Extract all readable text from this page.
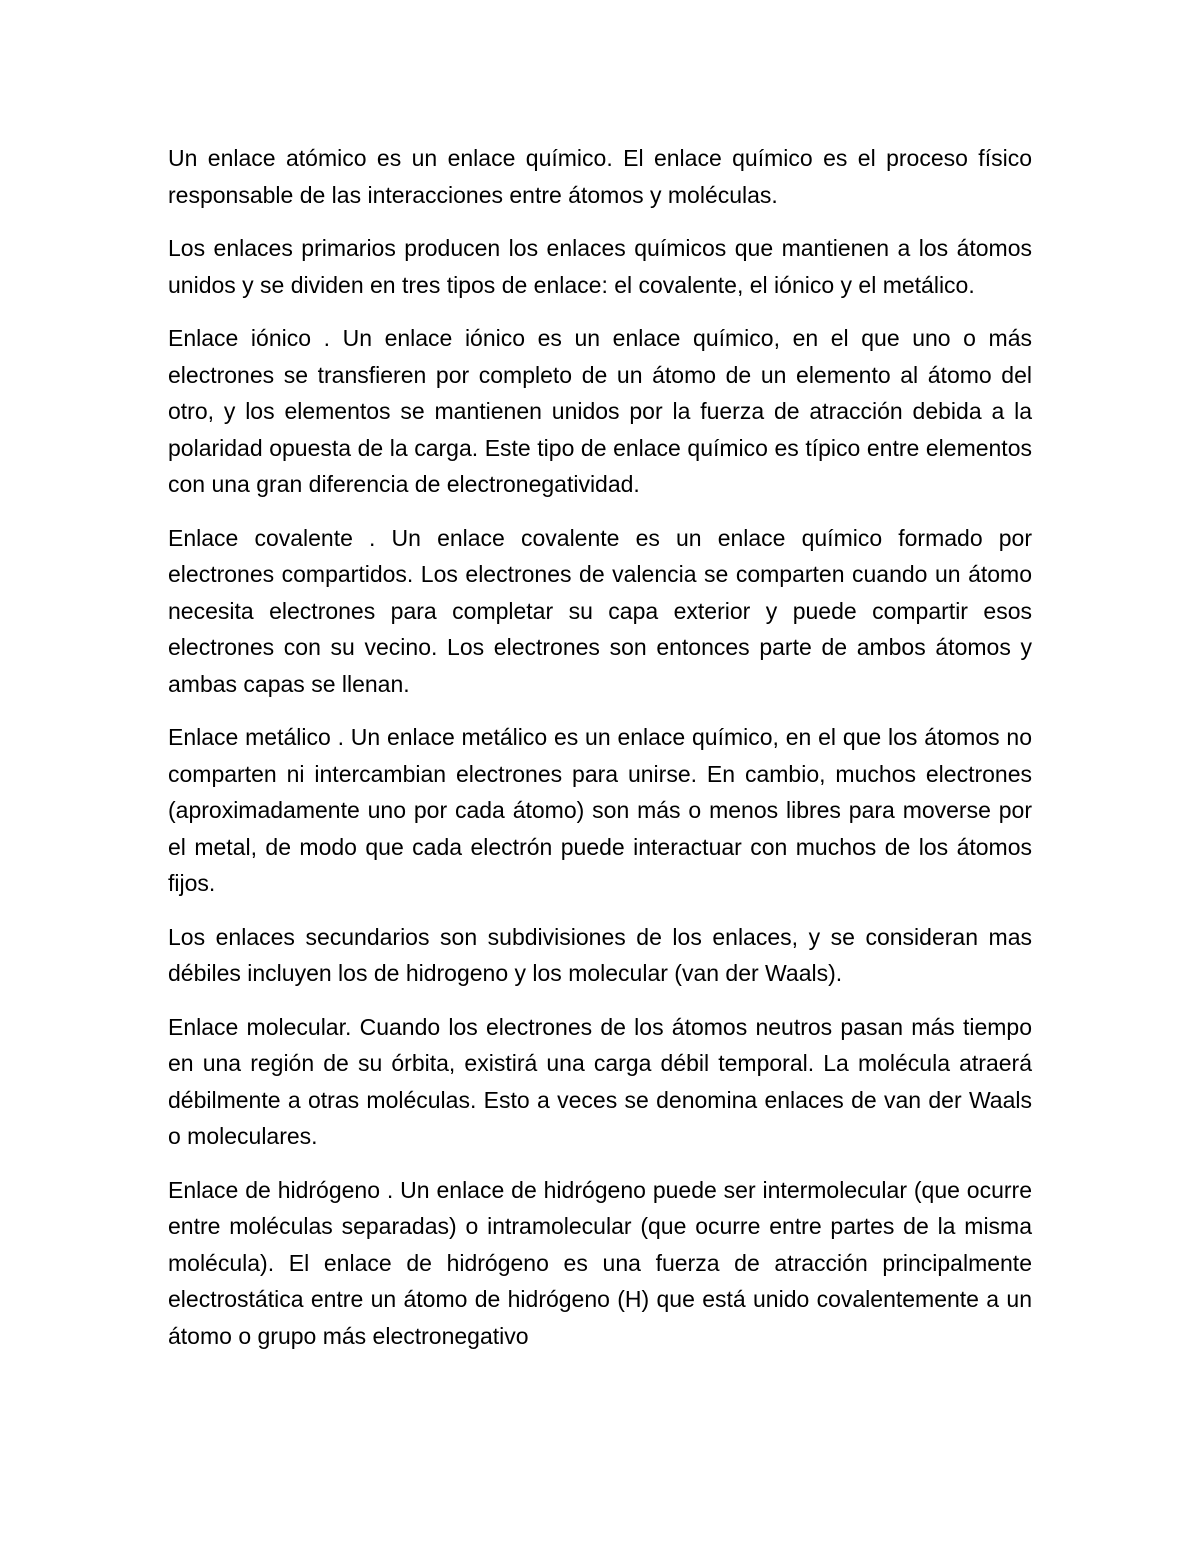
Un enlace atómico es un enlace químico. El enlace químico es el proceso físico responsable de las interacciones entre átomos y moléculas.

Los enlaces primarios producen los enlaces químicos que mantienen a los átomos unidos y se dividen en tres tipos de enlace: el covalente, el iónico y el metálico.

Enlace iónico . Un enlace iónico es un enlace químico, en el que uno o más electrones se transfieren por completo de un átomo de un elemento al átomo del otro, y los elementos se mantienen unidos por la fuerza de atracción debida a la polaridad opuesta de la carga. Este tipo de enlace químico es típico entre elementos con una gran diferencia de electronegatividad.

Enlace covalente . Un enlace covalente es un enlace químico formado por electrones compartidos. Los electrones de valencia se comparten cuando un átomo necesita electrones para completar su capa exterior y puede compartir esos electrones con su vecino. Los electrones son entonces parte de ambos átomos y ambas capas se llenan.

Enlace metálico . Un enlace metálico es un enlace químico, en el que los átomos no comparten ni intercambian electrones para unirse. En cambio, muchos electrones (aproximadamente uno por cada átomo) son más o menos libres para moverse por el metal, de modo que cada electrón puede interactuar con muchos de los átomos fijos.

Los enlaces secundarios son subdivisiones de los enlaces, y se consideran mas débiles incluyen los de hidrogeno y los molecular (van der Waals).

Enlace molecular. Cuando los electrones de los átomos neutros pasan más tiempo en una región de su órbita, existirá una carga débil temporal. La molécula atraerá débilmente a otras moléculas. Esto a veces se denomina enlaces de van der Waals o moleculares.

Enlace de hidrógeno . Un enlace de hidrógeno puede ser intermolecular (que ocurre entre moléculas separadas) o intramolecular (que ocurre entre partes de la misma molécula). El enlace de hidrógeno es una fuerza de atracción principalmente electrostática entre un átomo de hidrógeno (H) que está unido covalentemente a un átomo o grupo más electronegativo
